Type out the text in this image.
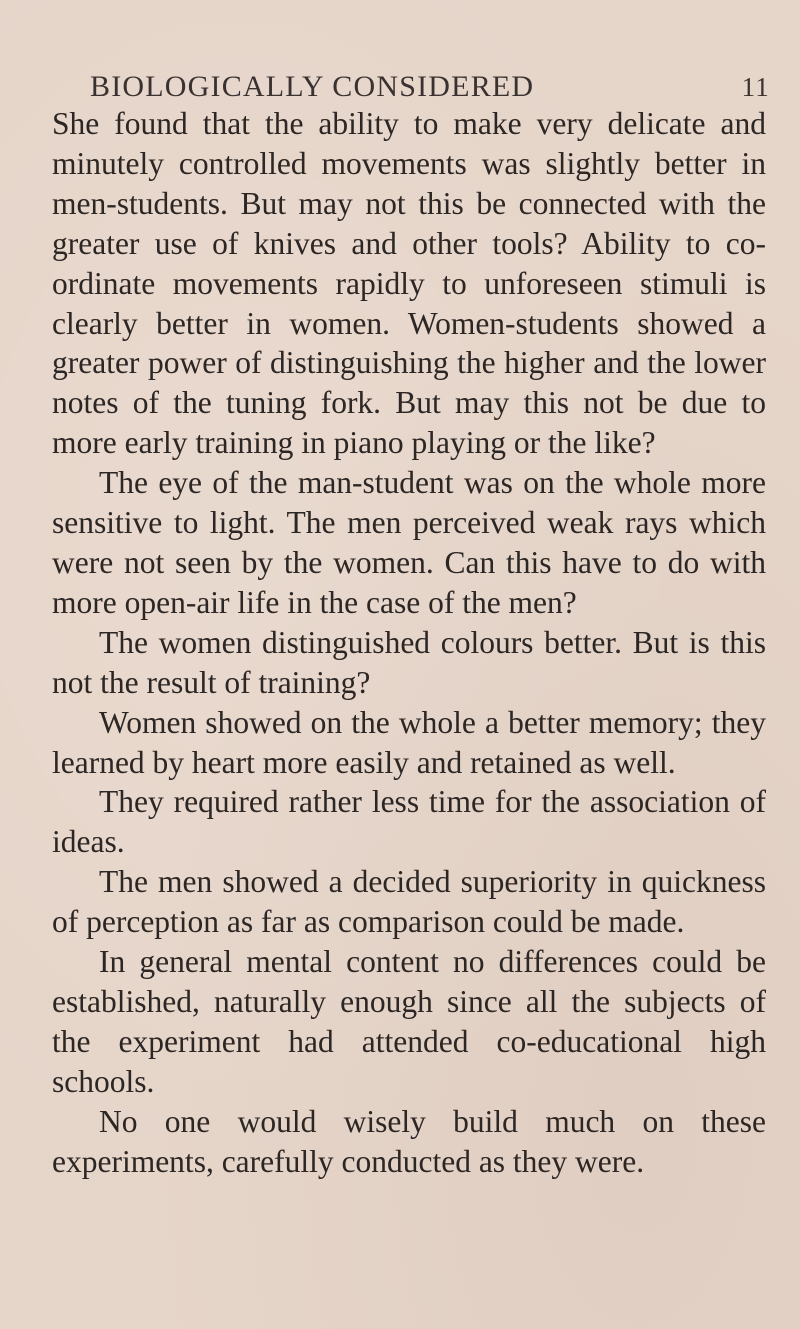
BIOLOGICALLY CONSIDERED	11

She found that the ability to make very delicate and minutely controlled movements was slightly better in men-students. But may not this be connected with the greater use of knives and other tools? Ability to co-ordinate movements rapidly to unforeseen stimuli is clearly better in women. Women-students showed a greater power of distinguishing the higher and the lower notes of the tuning fork. But may this not be due to more early training in piano playing or the like?

The eye of the man-student was on the whole more sensitive to light. The men perceived weak rays which were not seen by the women. Can this have to do with more open-air life in the case of the men?

The women distinguished colours better. But is this not the result of training?

Women showed on the whole a better memory; they learned by heart more easily and retained as well.

They required rather less time for the association of ideas.

The men showed a decided superiority in quickness of perception as far as comparison could be made.

In general mental content no differences could be established, naturally enough since all the subjects of the experiment had attended co-educational high schools.

No one would wisely build much on these experiments, carefully conducted as they were.
